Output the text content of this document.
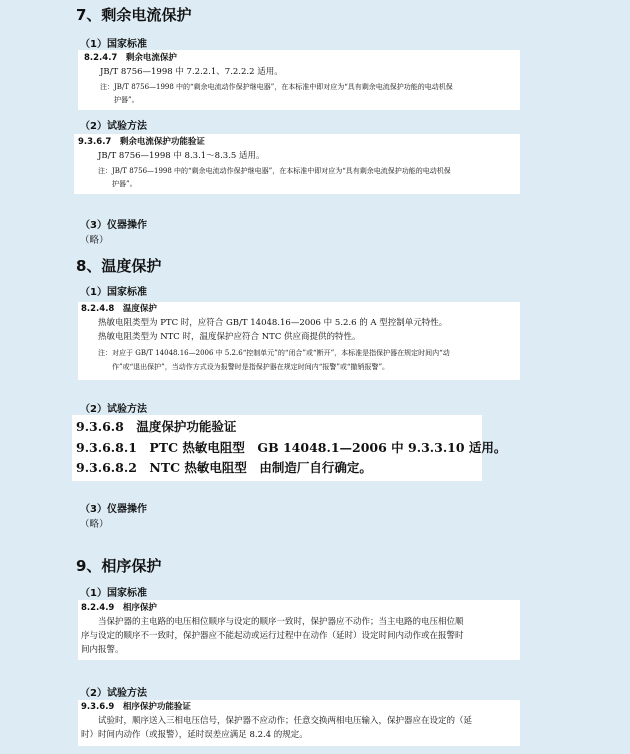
7、剩余电流保护
（1）国家标准
8.2.4.7　剩余电流保护
JB/T 8756—1998 中 7.2.2.1、7.2.2.2 适用。
注：JB/T 8756—1998 中的“剩余电流动作保护继电器”，在本标准中即对应为“具有剩余电流保护功能的电动机保
护器”。
（2）试验方法
9.3.6.7　剩余电流保护功能验证
JB/T 8756—1998 中 8.3.1～8.3.5 适用。
注：JB/T 8756—1998 中的“剩余电流动作保护继电器”，在本标准中即对应为“具有剩余电流保护功能的电动机保
护器”。
（3）仪器操作
（略）
8、温度保护
（1）国家标准
8.2.4.8　温度保护
热敏电阻类型为 PTC 时，应符合 GB/T 14048.16—2006 中 5.2.6 的 A 型控制单元特性。
热敏电阻类型为 NTC 时，温度保护应符合 NTC 供应商提供的特性。
注：对应于 GB/T 14048.16—2006 中 5.2.6“控制单元”的“闭合”或“断开”，本标准是指保护器在规定时间内“动
作”或“退出保护”，当动作方式设为报警时是指保护器在规定时间内“报警”或“撤销报警”。
（2）试验方法
9.3.6.8　温度保护功能验证
9.3.6.8.1　PTC 热敏电阻型　GB 14048.1—2006 中 9.3.3.10 适用。
9.3.6.8.2　NTC 热敏电阻型　由制造厂自行确定。
（3）仪器操作
（略）
9、相序保护
（1）国家标准
8.2.4.9　相序保护
当保护器的主电路的电压相位顺序与设定的顺序一致时，保护器应不动作；当主电路的电压相位顺
序与设定的顺序不一致时，保护器应不能起动或运行过程中在动作（延时）设定时间内动作或在报警时
间内报警。
（2）试验方法
9.3.6.9　相序保护功能验证
试验时，顺序送入三相电压信号，保护器不应动作；任意交换两相电压输入，保护器应在设定的（延
时）时间内动作（或报警），延时误差应满足 8.2.4 的规定。
